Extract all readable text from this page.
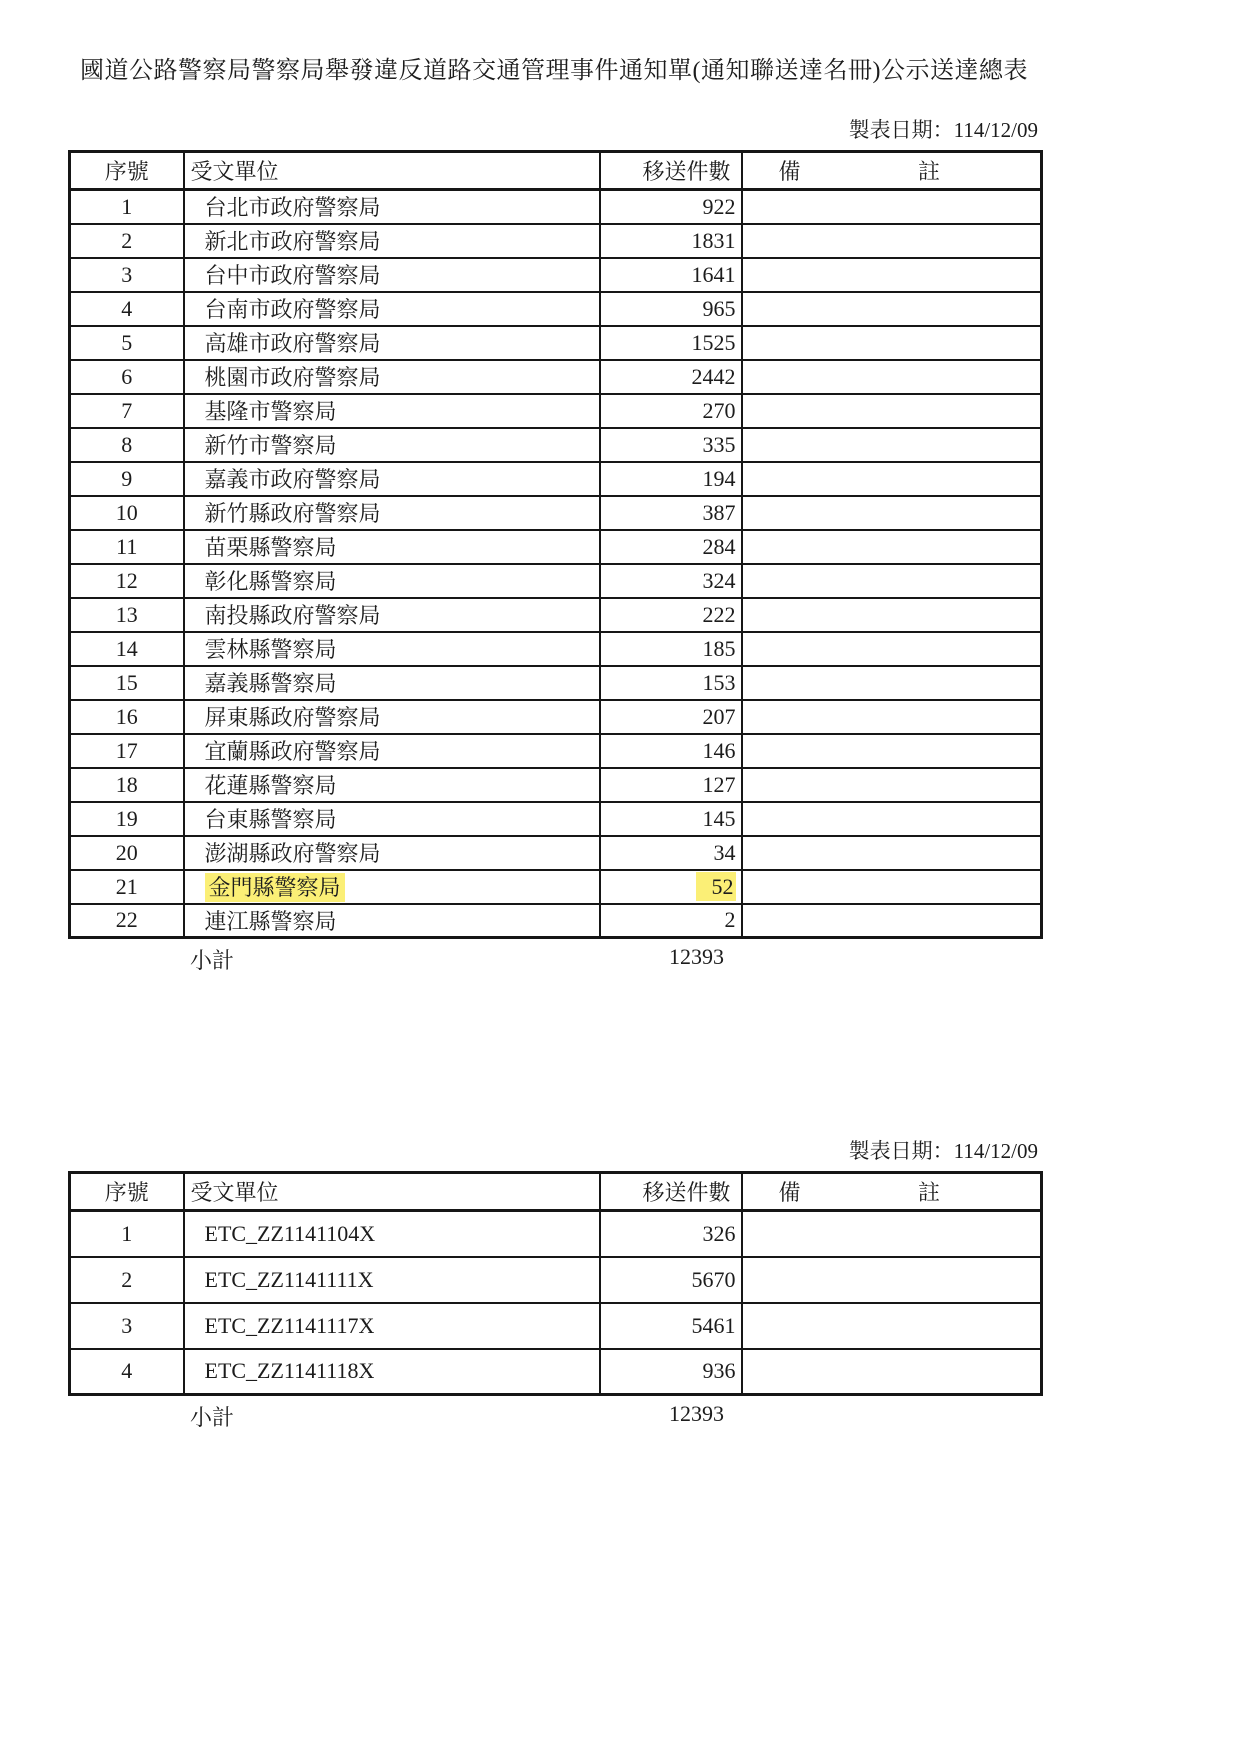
國道公路警察局警察局舉發違反道路交通管理事件通知單(通知聯送達名冊)公示送達總表
製表日期：114/12/09
序號	受文單位	移送件數	備 註

1	台北市政府警察局	922	
2	新北市政府警察局	1831	
3	台中市政府警察局	1641	
4	台南市政府警察局	965	
5	高雄市政府警察局	1525	
6	桃園市政府警察局	2442	
7	基隆市警察局	270	
8	新竹市警察局	335	
9	嘉義市政府警察局	194	
10	新竹縣政府警察局	387	
11	苗栗縣警察局	284	
12	彰化縣警察局	324	
13	南投縣政府警察局	222	
14	雲林縣警察局	185	
15	嘉義縣警察局	153	
16	屏東縣政府警察局	207	
17	宜蘭縣政府警察局	146	
18	花蓮縣警察局	127	
19	台東縣警察局	145	
20	澎湖縣政府警察局	34	
21	金門縣警察局	52	
22	連江縣警察局	2	
小計	12393
製表日期：114/12/09
序號	受文單位	移送件數	備 註

1	ETC_ZZ1141104X	326	
2	ETC_ZZ1141111X	5670	
3	ETC_ZZ1141117X	5461	
4	ETC_ZZ1141118X	936	
小計	12393
